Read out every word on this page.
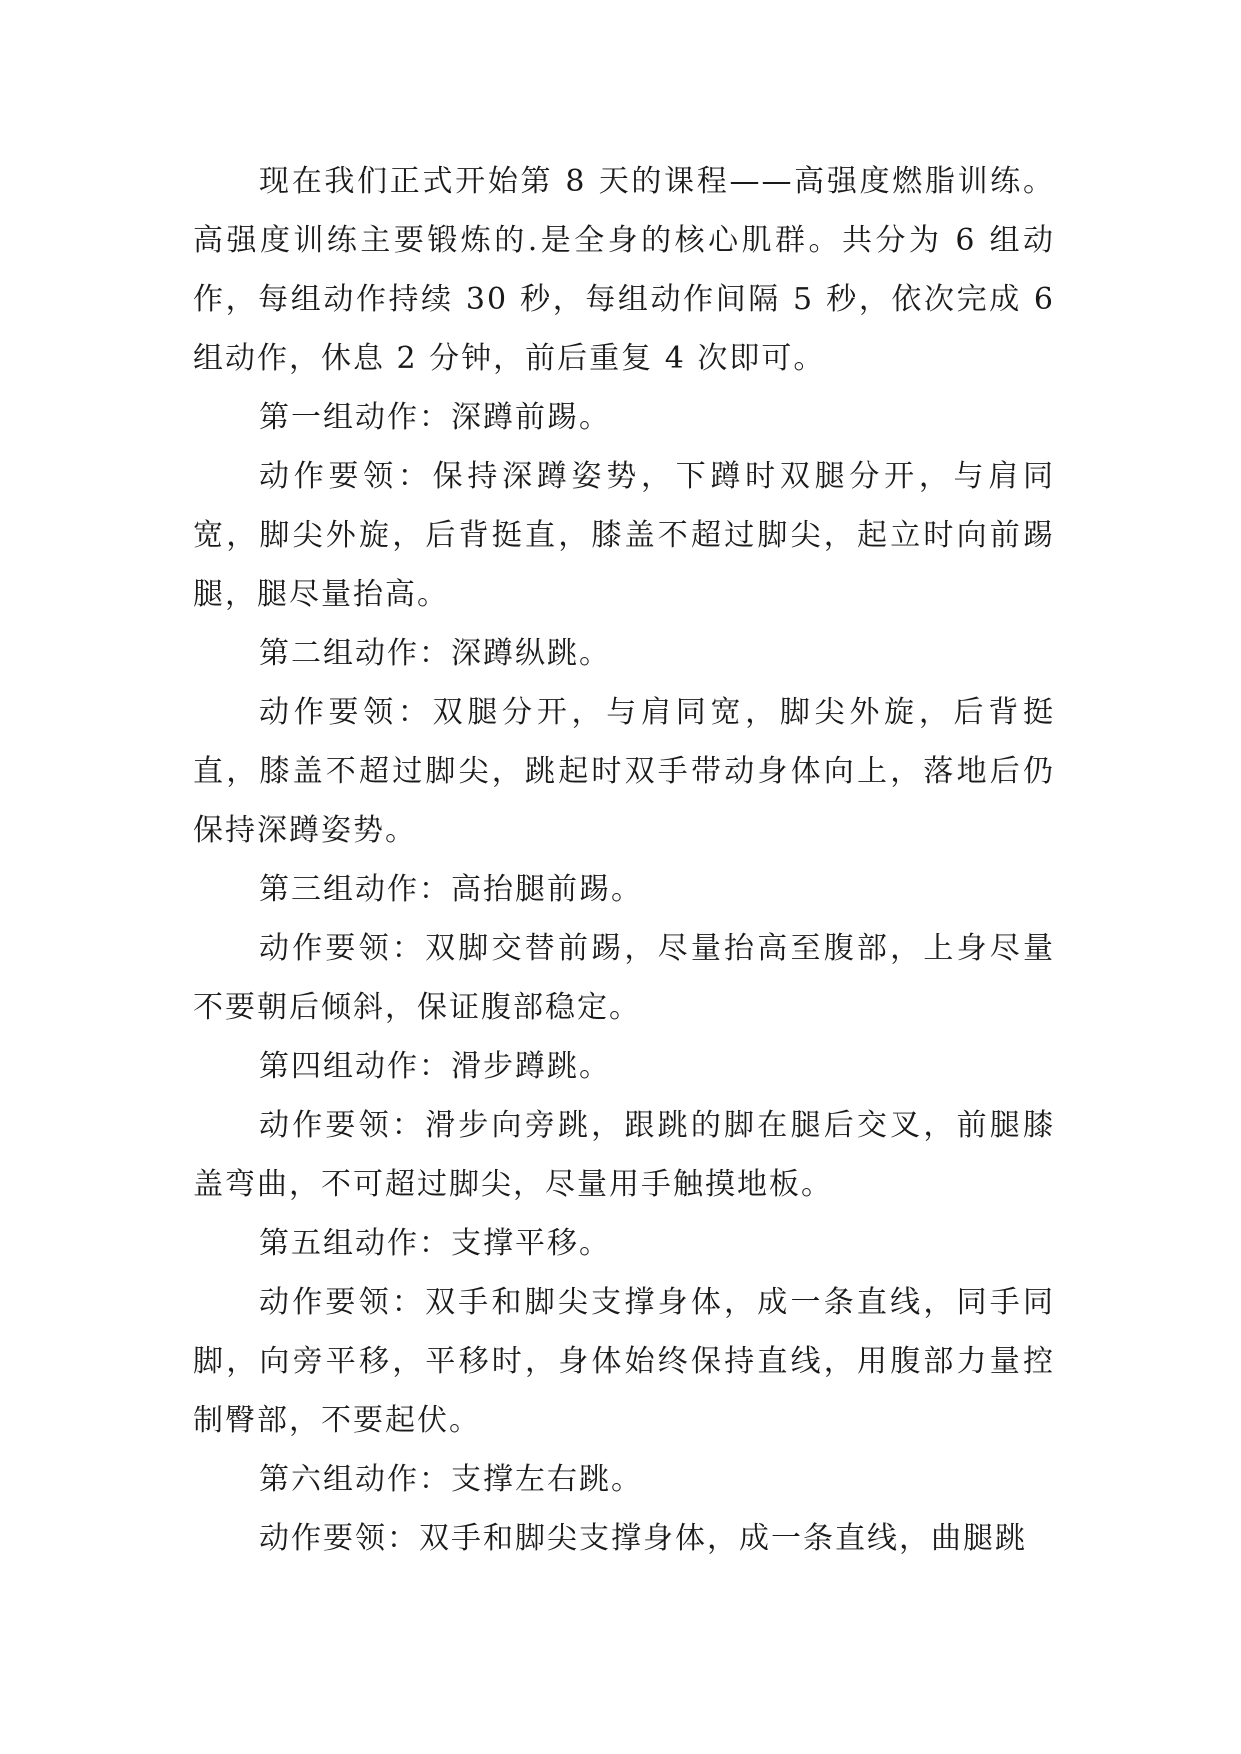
现在我们正式开始第 8 天的课程——高强度燃脂训练。高强度训练主要锻炼的.是全身的核心肌群。共分为 6 组动作，每组动作持续 30 秒，每组动作间隔 5 秒，依次完成 6 组动作，休息 2 分钟，前后重复 4 次即可。

第一组动作：深蹲前踢。

动作要领：保持深蹲姿势，下蹲时双腿分开，与肩同宽，脚尖外旋，后背挺直，膝盖不超过脚尖，起立时向前踢腿，腿尽量抬高。

第二组动作：深蹲纵跳。

动作要领：双腿分开，与肩同宽，脚尖外旋，后背挺直，膝盖不超过脚尖，跳起时双手带动身体向上，落地后仍保持深蹲姿势。

第三组动作：高抬腿前踢。

动作要领：双脚交替前踢，尽量抬高至腹部，上身尽量不要朝后倾斜，保证腹部稳定。

第四组动作：滑步蹲跳。

动作要领：滑步向旁跳，跟跳的脚在腿后交叉，前腿膝盖弯曲，不可超过脚尖，尽量用手触摸地板。

第五组动作：支撑平移。

动作要领：双手和脚尖支撑身体，成一条直线，同手同脚，向旁平移，平移时，身体始终保持直线，用腹部力量控制臀部，不要起伏。

第六组动作：支撑左右跳。

动作要领：双手和脚尖支撑身体，成一条直线，曲腿跳
